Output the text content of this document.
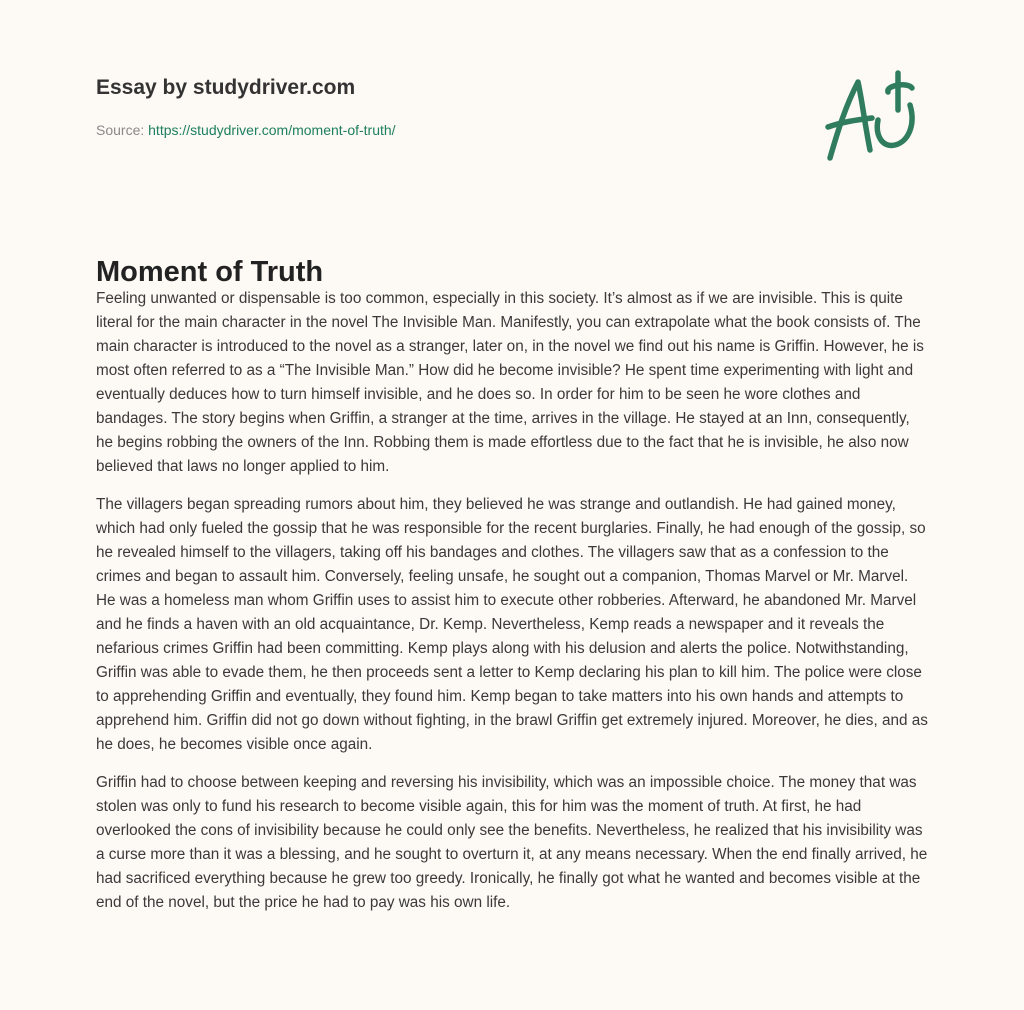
Essay by studydriver.com
Source: https://studydriver.com/moment-of-truth/
Moment of Truth

Feeling unwanted or dispensable is too common, especially in this society. It’s almost as if we are invisible. This is quite literal for the main character in the novel The Invisible Man. Manifestly, you can extrapolate what the book consists of. The main character is introduced to the novel as a stranger, later on, in the novel we find out his name is Griffin. However, he is most often referred to as a “The Invisible Man.” How did he become invisible? He spent time experimenting with light and eventually deduces how to turn himself invisible, and he does so. In order for him to be seen he wore clothes and bandages. The story begins when Griffin, a stranger at the time, arrives in the village. He stayed at an Inn, consequently, he begins robbing the owners of the Inn. Robbing them is made effortless due to the fact that he is invisible, he also now believed that laws no longer applied to him.

The villagers began spreading rumors about him, they believed he was strange and outlandish. He had gained money, which had only fueled the gossip that he was responsible for the recent burglaries. Finally, he had enough of the gossip, so he revealed himself to the villagers, taking off his bandages and clothes. The villagers saw that as a confession to the crimes and began to assault him. Conversely, feeling unsafe, he sought out a companion, Thomas Marvel or Mr. Marvel. He was a homeless man whom Griffin uses to assist him to execute other robberies. Afterward, he abandoned Mr. Marvel and he finds a haven with an old acquaintance, Dr. Kemp. Nevertheless, Kemp reads a newspaper and it reveals the nefarious crimes Griffin had been committing. Kemp plays along with his delusion and alerts the police. Notwithstanding, Griffin was able to evade them, he then proceeds sent a letter to Kemp declaring his plan to kill him. The police were close to apprehending Griffin and eventually, they found him. Kemp began to take matters into his own hands and attempts to apprehend him. Griffin did not go down without fighting, in the brawl Griffin get extremely injured. Moreover, he dies, and as he does, he becomes visible once again.

Griffin had to choose between keeping and reversing his invisibility, which was an impossible choice. The money that was stolen was only to fund his research to become visible again, this for him was the moment of truth. At first, he had overlooked the cons of invisibility because he could only see the benefits. Nevertheless, he realized that his invisibility was a curse more than it was a blessing, and he sought to overturn it, at any means necessary. When the end finally arrived, he had sacrificed everything because he grew too greedy. Ironically, he finally got what he wanted and becomes visible at the end of the novel, but the price he had to pay was his own life.
